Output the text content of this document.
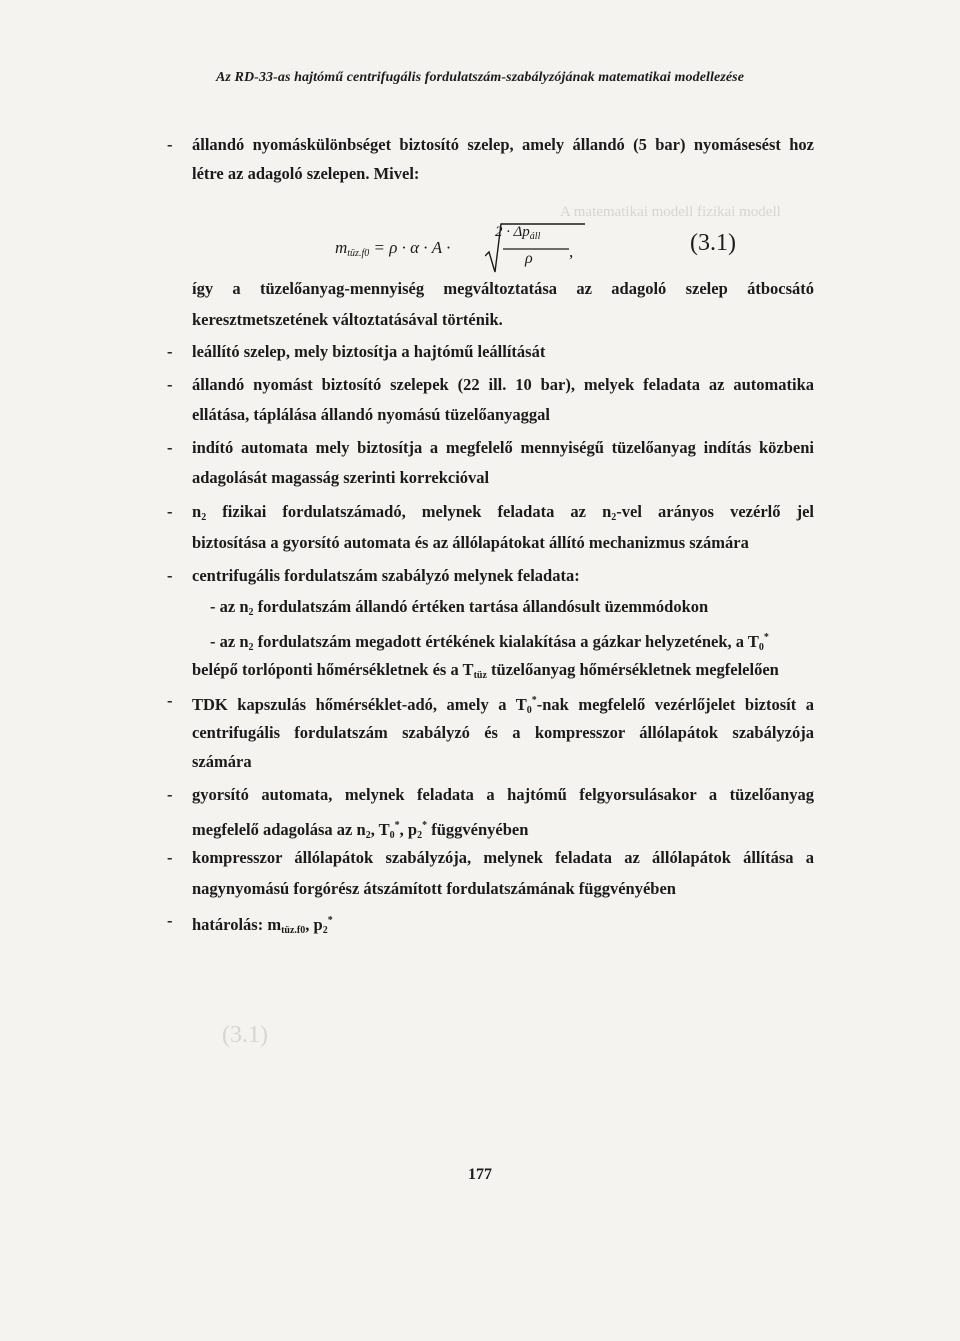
Az RD-33-as hajtómű centrifugális fordulatszám-szabályzójának matematikai modellezése
A matematikai modell fizikai modell
(3.1)
- állandó nyomáskülönbséget biztosító szelep, amely állandó (5 bar) nyomásesést hoz
létre az adagoló szelepen. Mivel:
$m_{tüz.f0} = \rho \cdot \alpha \cdot A$ ·
$2 \cdot \Delta p_{áll}$
ρ ,	(3.1)
így a tüzelőanyag-mennyiség megváltoztatása az adagoló szelep átbocsátó
keresztmetszetének változtatásával történik.
- leállító szelep, mely biztosítja a hajtómű leállítását
- állandó nyomást biztosító szelepek (22 ill. 10 bar), melyek feladata az automatika
ellátása, táplálása állandó nyomású tüzelőanyaggal
- indító automata mely biztosítja a megfelelő mennyiségű tüzelőanyag indítás közbeni
adagolását magasság szerinti korrekcióval
- $n_2$ fizikai fordulatszámadó, melynek feladata az $n_2$-vel arányos vezérlő jel
biztosítása a gyorsító automata és az állólapátokat állító mechanizmus számára
- centrifugális fordulatszám szabályzó melynek feladata:
- az $n_2$ fordulatszám állandó értéken tartása állandósult üzemmódokon
- az $n_2$ fordulatszám megadott értékének kialakítása a gázkar helyzetének, a $T_0^*$
belépő torlóponti hőmérsékletnek és a $T_{tüz}$ tüzelőanyag hőmérsékletnek megfelelően
- TDK kapszulás hőmérséklet-adó, amely a $T_0^*$-nak megfelelő vezérlőjelet biztosít a
centrifugális fordulatszám szabályzó és a kompresszor állólapátok szabályzója
számára
- gyorsító automata, melynek feladata a hajtómű felgyorsulásakor a tüzelőanyag
megfelelő adagolása az $n_2$, $T_0^*$, $p_2^*$ függvényében
- kompresszor állólapátok szabályzója, melynek feladata az állólapátok állítása a
nagynyomású forgórész átszámított fordulatszámának függvényében
- határolás: $m_{tüz.f0}$, $p_2^*$
177
